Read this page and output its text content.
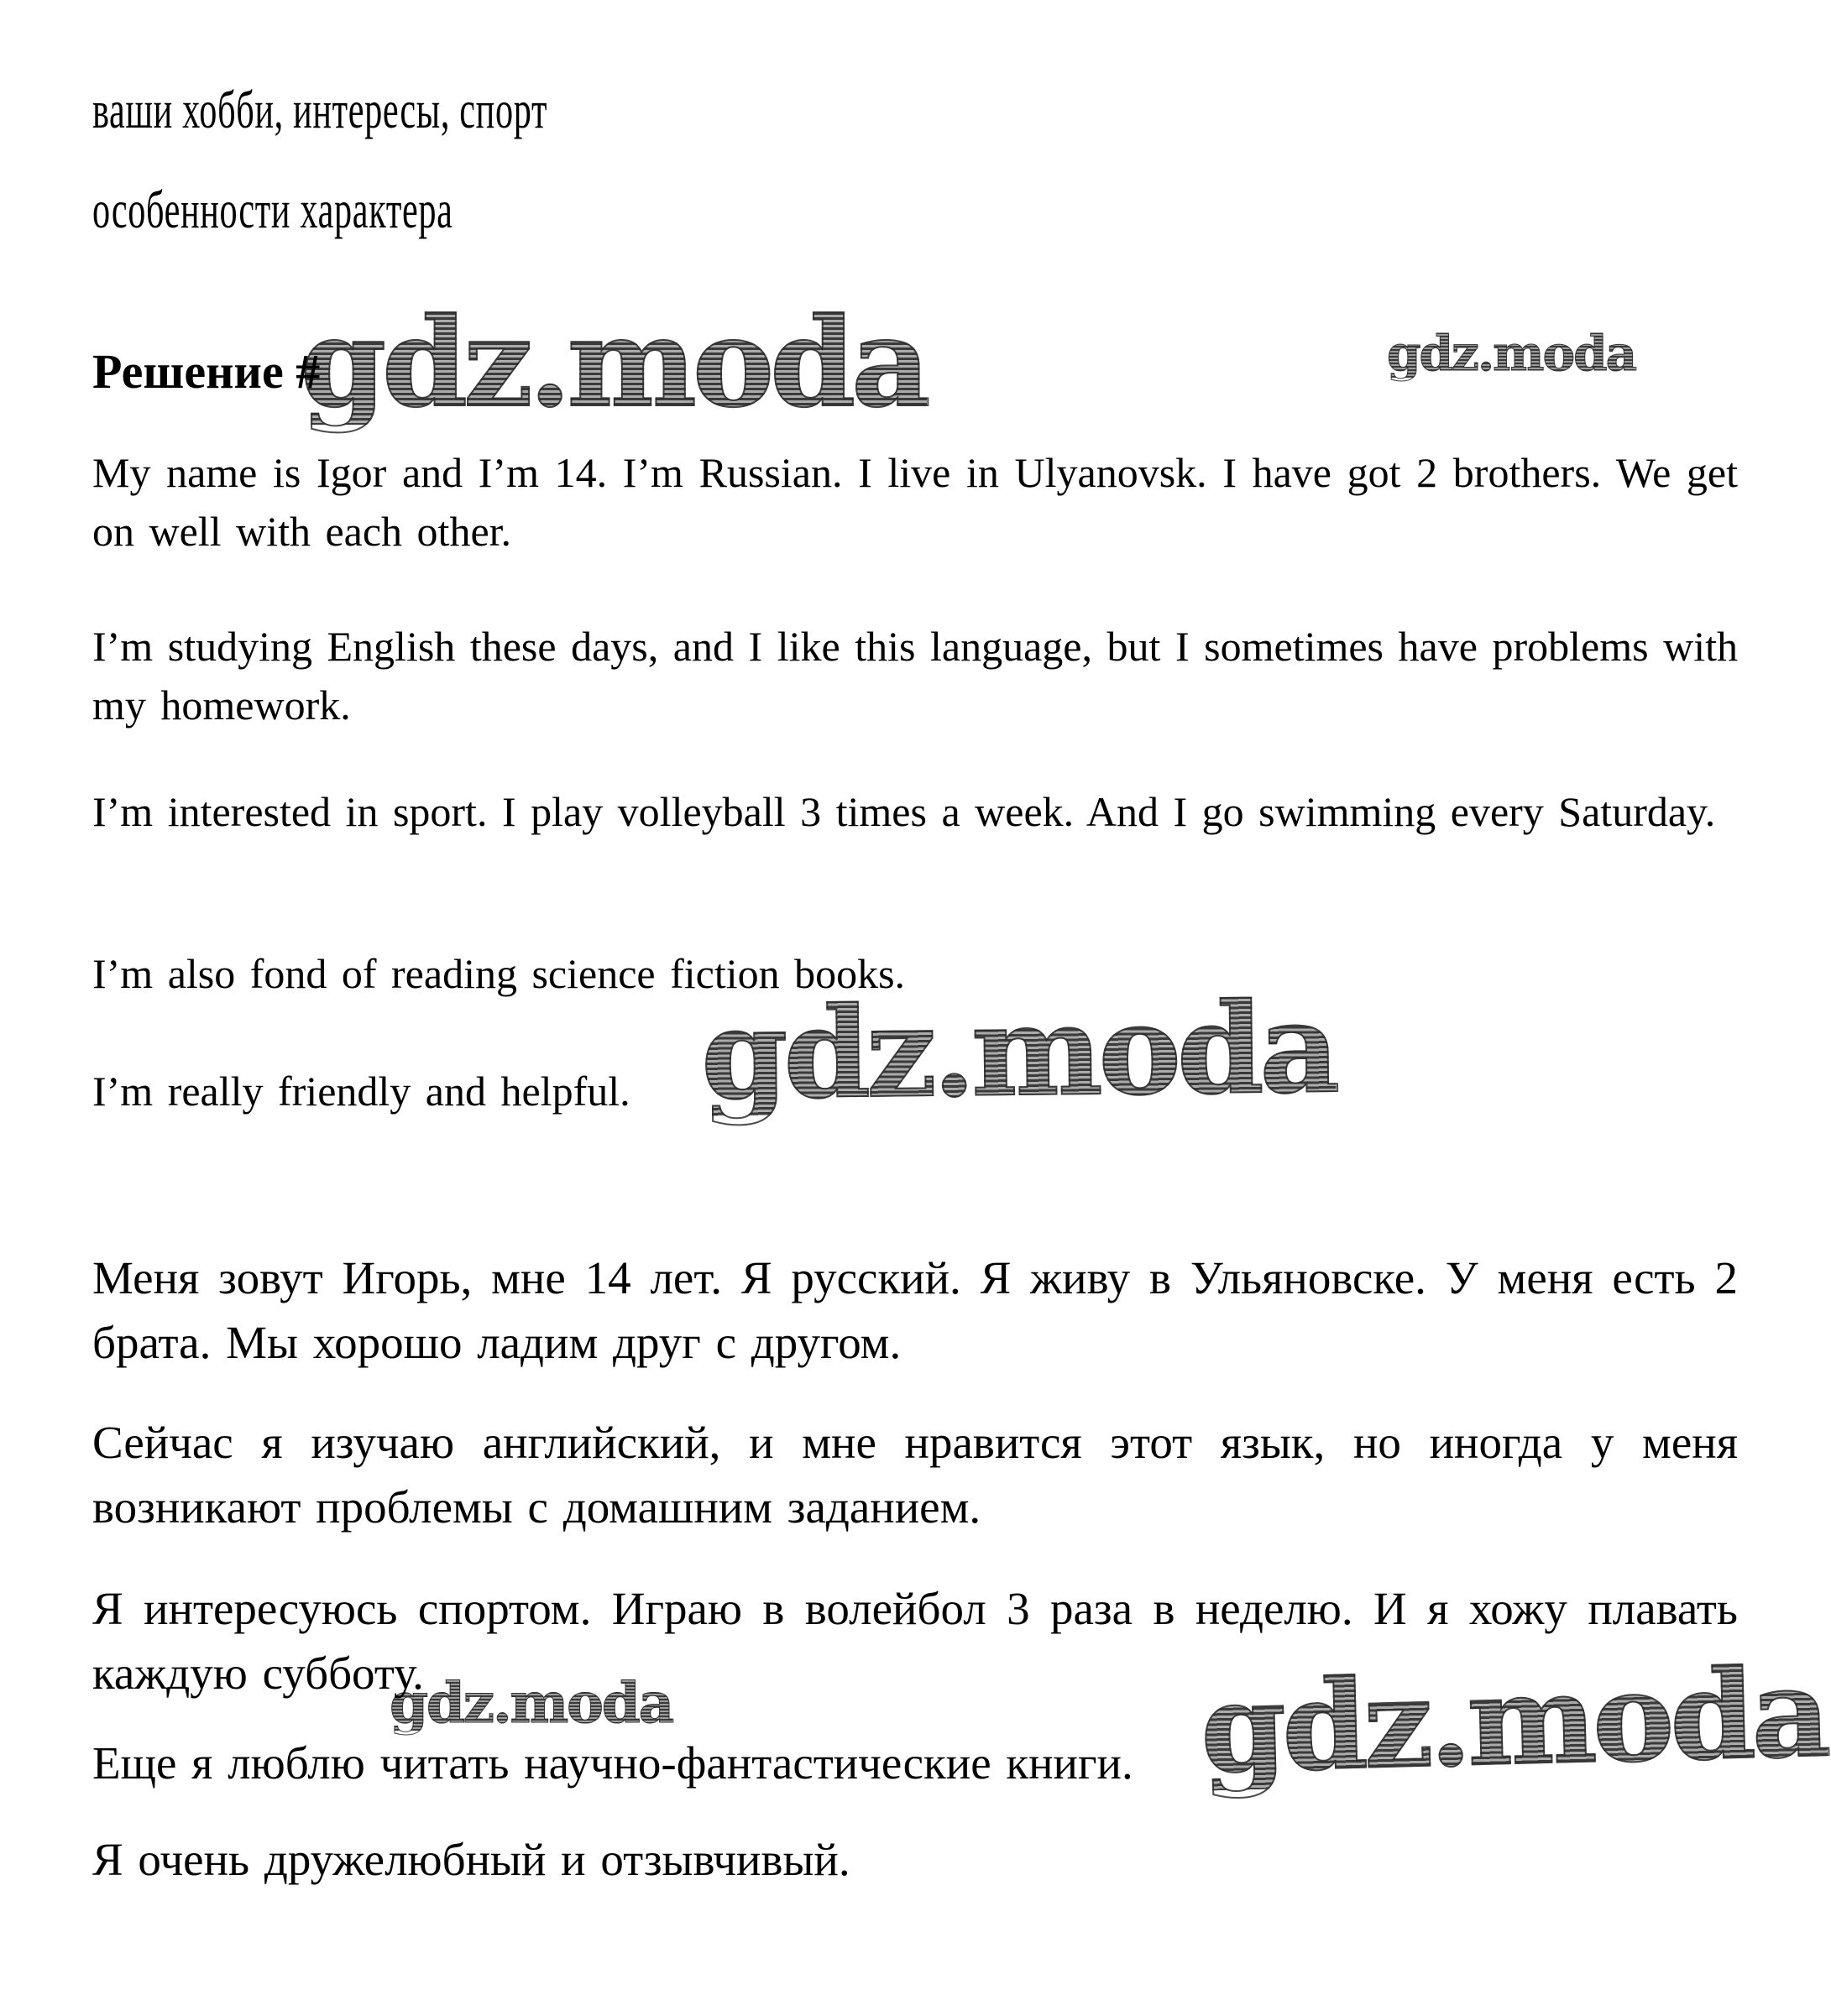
ваши хобби, интересы, спорт

особенности характера

Решение #
gdz.moda	gdz.moda

My name is Igor and I’m 14. I’m Russian. I live in Ulyanovsk. I have got 2 brothers. We get on well with each other.

I’m studying English these days, and I like this language, but I sometimes have problems with my homework.

I’m interested in sport. I play volleyball 3 times a week. And I go swimming every Saturday.

I’m also fond of reading science fiction books.

I’m really friendly and helpful. gdz.moda

Меня зовут Игорь, мне 14 лет. Я русский. Я живу в Ульяновске. У меня есть 2 брата. Мы хорошо ладим друг с другом.

Сейчас я изучаю английский, и мне нравится этот язык, но иногда у меня возникают проблемы с домашним заданием.

Я интересуюсь спортом. Играю в волейбол 3 раза в неделю. И я хожу плавать каждую субботу.

gdz.moda	gdz.moda

Еще я люблю читать научно-фантастические книги.

Я очень дружелюбный и отзывчивый.
